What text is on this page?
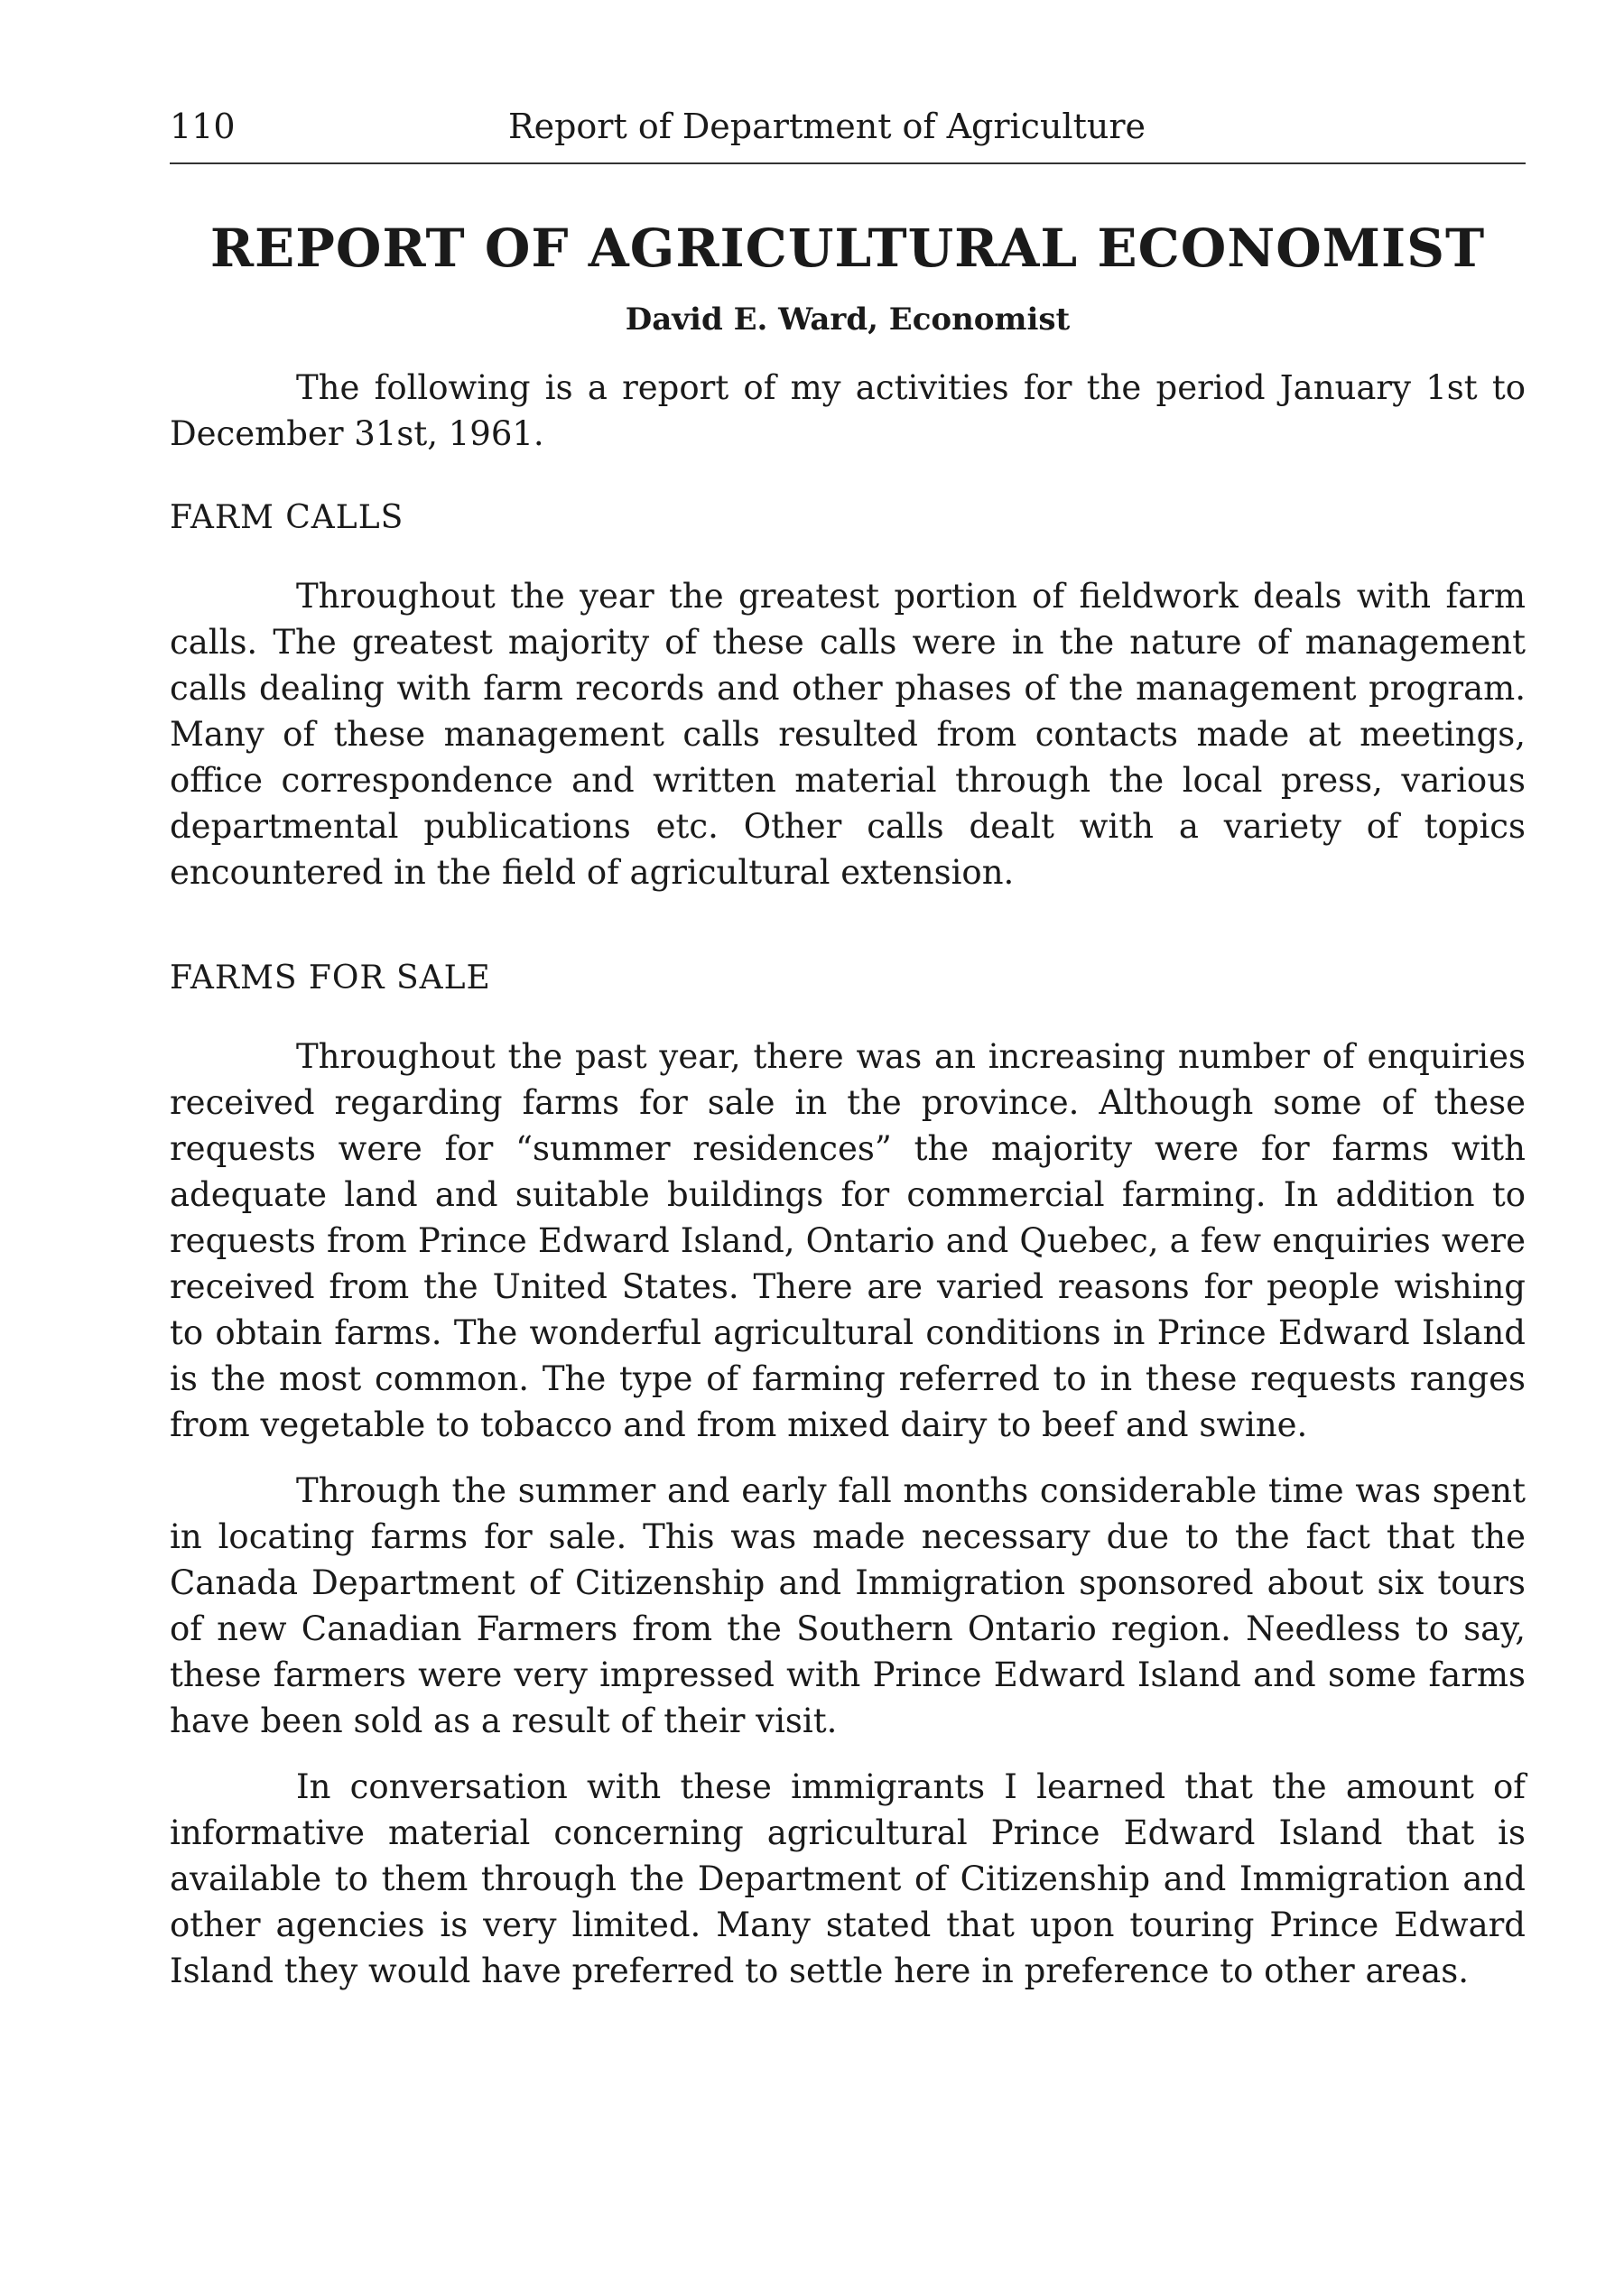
110	Report of Department of Agriculture
REPORT OF AGRICULTURAL ECONOMIST
David E. Ward, Economist

The following is a report of my activities for the period January 1st to December 31st, 1961.

FARM CALLS

Throughout the year the greatest portion of fieldwork deals with farm calls. The greatest majority of these calls were in the nature of management calls dealing with farm records and other phases of the management program. Many of these management calls resulted from contacts made at meetings, office correspondence and written material through the local press, various departmental publications etc. Other calls dealt with a variety of topics encountered in the field of agricultural extension.

FARMS FOR SALE

Throughout the past year, there was an increasing number of enquiries received regarding farms for sale in the province. Although some of these requests were for “summer residences” the majority were for farms with adequate land and suitable buildings for commercial farming. In addition to requests from Prince Edward Island, Ontario and Quebec, a few enquiries were received from the United States. There are varied reasons for people wishing to obtain farms. The wonderful agricultural conditions in Prince Edward Island is the most common. The type of farming referred to in these requests ranges from vegetable to tobacco and from mixed dairy to beef and swine.

Through the summer and early fall months considerable time was spent in locating farms for sale. This was made necessary due to the fact that the Canada Department of Citizenship and Immigration sponsored about six tours of new Canadian Farmers from the Southern Ontario region. Needless to say, these farmers were very impressed with Prince Edward Island and some farms have been sold as a result of their visit.

In conversation with these immigrants I learned that the amount of informative material concerning agricultural Prince Edward Island that is available to them through the Department of Citizenship and Immigration and other agencies is very limited. Many stated that upon touring Prince Edward Island they would have preferred to settle here in preference to other areas.
